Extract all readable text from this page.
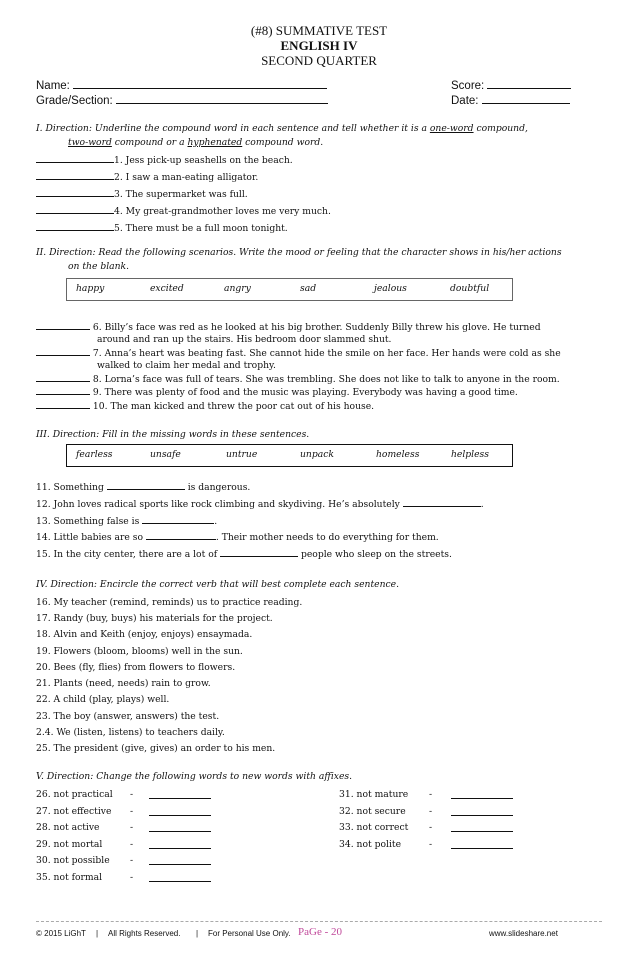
(#8) SUMMATIVE TEST
ENGLISH IV
SECOND QUARTER
Name:	Score:
Grade/Section:	Date:
I. Direction: Underline the compound word in each sentence and tell whether it is a one-word compound,
two-word compound or a hyphenated compound word.
1. Jess pick-up seashells on the beach.
2. I saw a man-eating alligator.
3. The supermarket was full.
4. My great-grandmother loves me very much.
5. There must be a full moon tonight.
II. Direction: Read the following scenarios. Write the mood or feeling that the character shows in his/her actions
on the blank.
happy	excited	angry	sad	jealous	doubtful
6. Billy’s face was red as he looked at his big brother. Suddenly Billy threw his glove. He turned
around and ran up the stairs. His bedroom door slammed shut.
7. Anna’s heart was beating fast. She cannot hide the smile on her face. Her hands were cold as she
walked to claim her medal and trophy.
8. Lorna’s face was full of tears. She was trembling. She does not like to talk to anyone in the room.
9. There was plenty of food and the music was playing. Everybody was having a good time.
10. The man kicked and threw the poor cat out of his house.
III. Direction: Fill in the missing words in these sentences.
fearless	unsafe	untrue	unpack	homeless	helpless
11. Something	is dangerous.
12. John loves radical sports like rock climbing and skydiving. He’s absolutely	.
13. Something false is	.
14. Little babies are so	. Their mother needs to do everything for them.
15. In the city center, there are a lot of	people who sleep on the streets.
IV. Direction: Encircle the correct verb that will best complete each sentence.
16. My teacher (remind, reminds) us to practice reading.
17. Randy (buy, buys) his materials for the project.
18. Alvin and Keith (enjoy, enjoys) ensaymada.
19. Flowers (bloom, blooms) well in the sun.
20. Bees (fly, flies) from flowers to flowers.
21. Plants (need, needs) rain to grow.
22. A child (play, plays) well.
23. The boy (answer, answers) the test.
2.4. We (listen, listens) to teachers daily.
25. The president (give, gives) an order to his men.
V. Direction: Change the following words to new words with affixes.
26. not practical -
27. not effective -
28. not active	-
29. not mortal	-
30. not possible -
35. not formal	-
31. not mature -
32. not secure	-
33. not correct -
34. not polite	-
© 2015 LiGhT | All Rights Reserved. | For Personal Use Only. PaGe - 20	www.slideshare.net
